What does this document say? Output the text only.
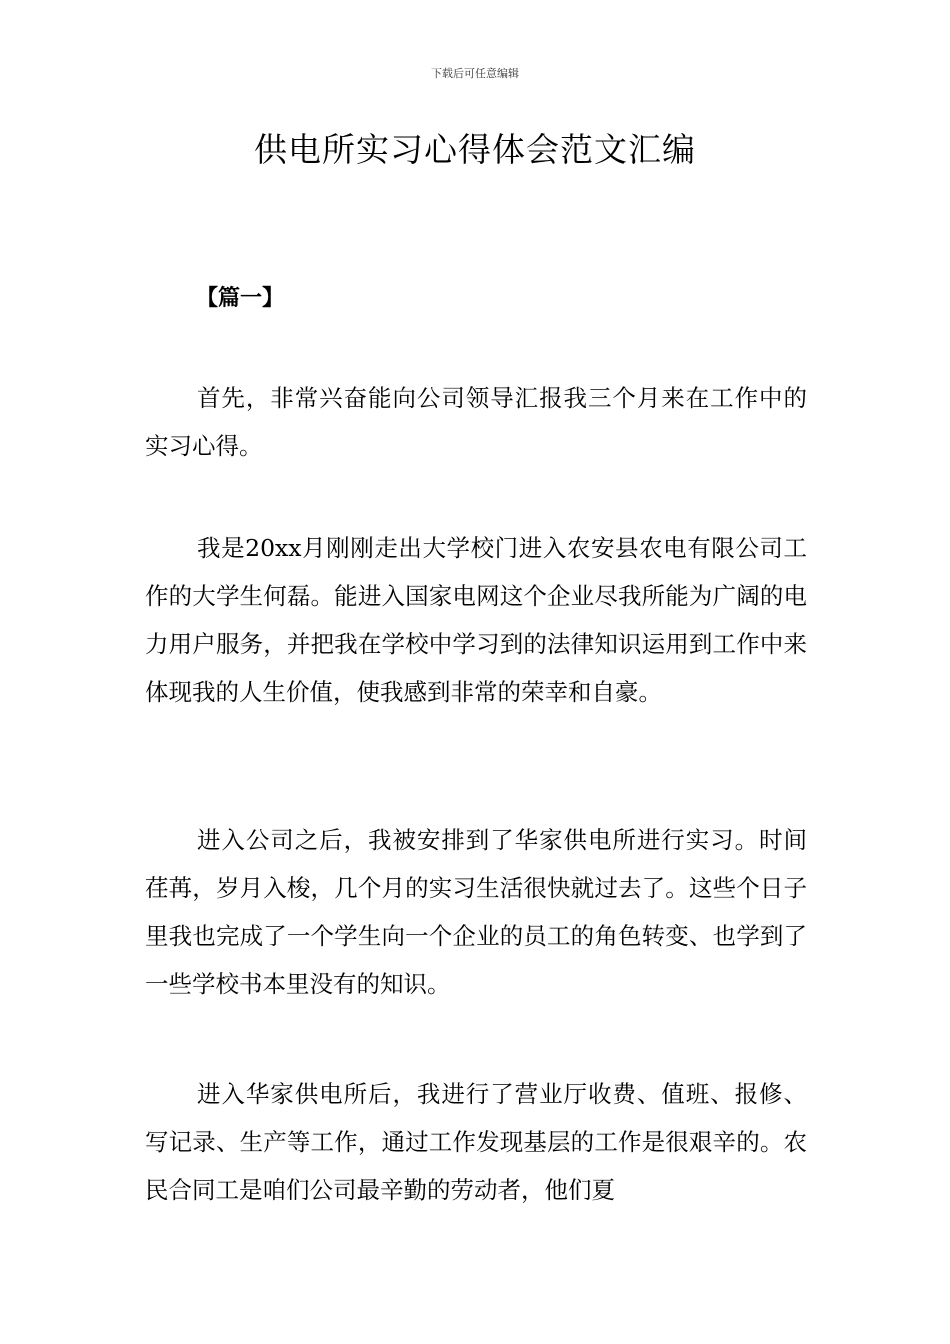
下载后可任意编辑
供电所实习心得体会范文汇编
【篇一】

首先，非常兴奋能向公司领导汇报我三个月来在工作中的实习心得。

我是20xx月刚刚走出大学校门进入农安县农电有限公司工作的大学生何磊。能进入国家电网这个企业尽我所能为广阔的电力用户服务，并把我在学校中学习到的法律知识运用到工作中来体现我的人生价值，使我感到非常的荣幸和自豪。

进入公司之后，我被安排到了华家供电所进行实习。时间荏苒，岁月入梭，几个月的实习生活很快就过去了。这些个日子里我也完成了一个学生向一个企业的员工的角色转变、也学到了一些学校书本里没有的知识。

进入华家供电所后，我进行了营业厅收费、值班、报修、写记录、生产等工作，通过工作发现基层的工作是很艰辛的。农民合同工是咱们公司最辛勤的劳动者，他们夏
